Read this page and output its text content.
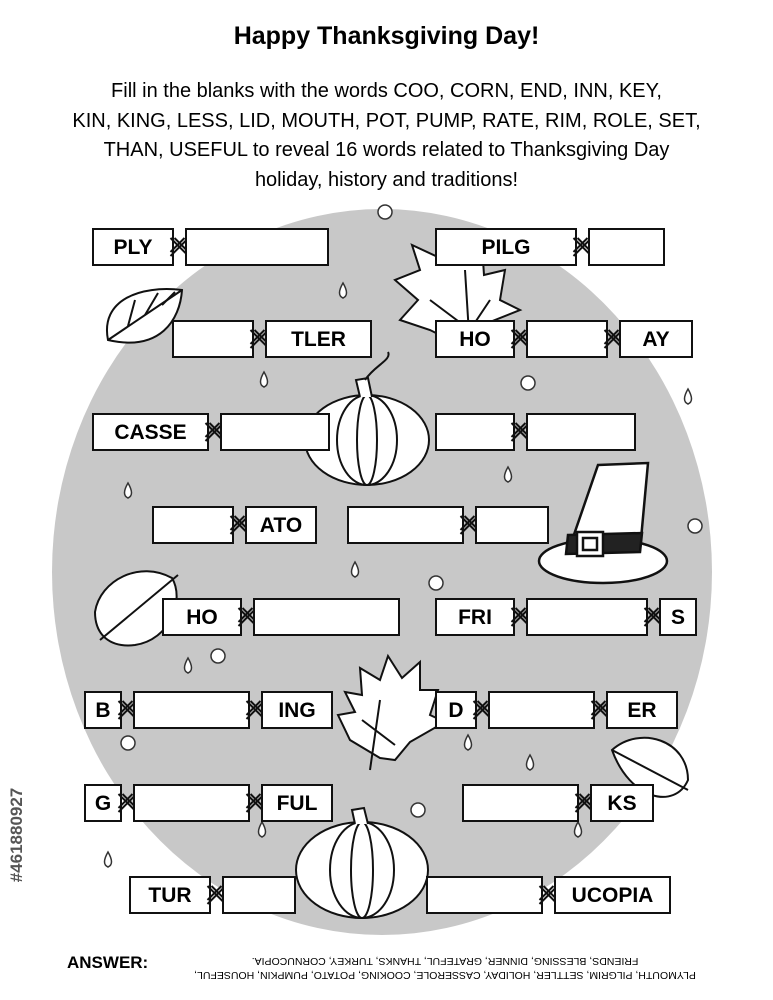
Happy Thanksgiving Day!
Fill in the blanks with the words COO, CORN, END, INN, KEY,
KIN, KING, LESS, LID, MOUTH, POT, PUMP, RATE, RIM, ROLE, SET,
THAN, USEFUL to reveal 16 words related to Thanksgiving Day
holiday, history and traditions!
PLY	PILG
TLER	HO	AY
CASSE
ATO
HO	FRI	S
B	ING	D	ER
G	FUL	KS
TUR	UCOPIA
#461880927
ANSWER:
PLYMOUTH, PILGRIM, SETTLER, HOLIDAY, CASSEROLE, COOKING, POTATO, PUMPKIN, HOUSEFUL,
FRIENDS, BLESSING, DINNER, GRATEFUL, THANKS, TURKEY, CORNUCOPIA.
